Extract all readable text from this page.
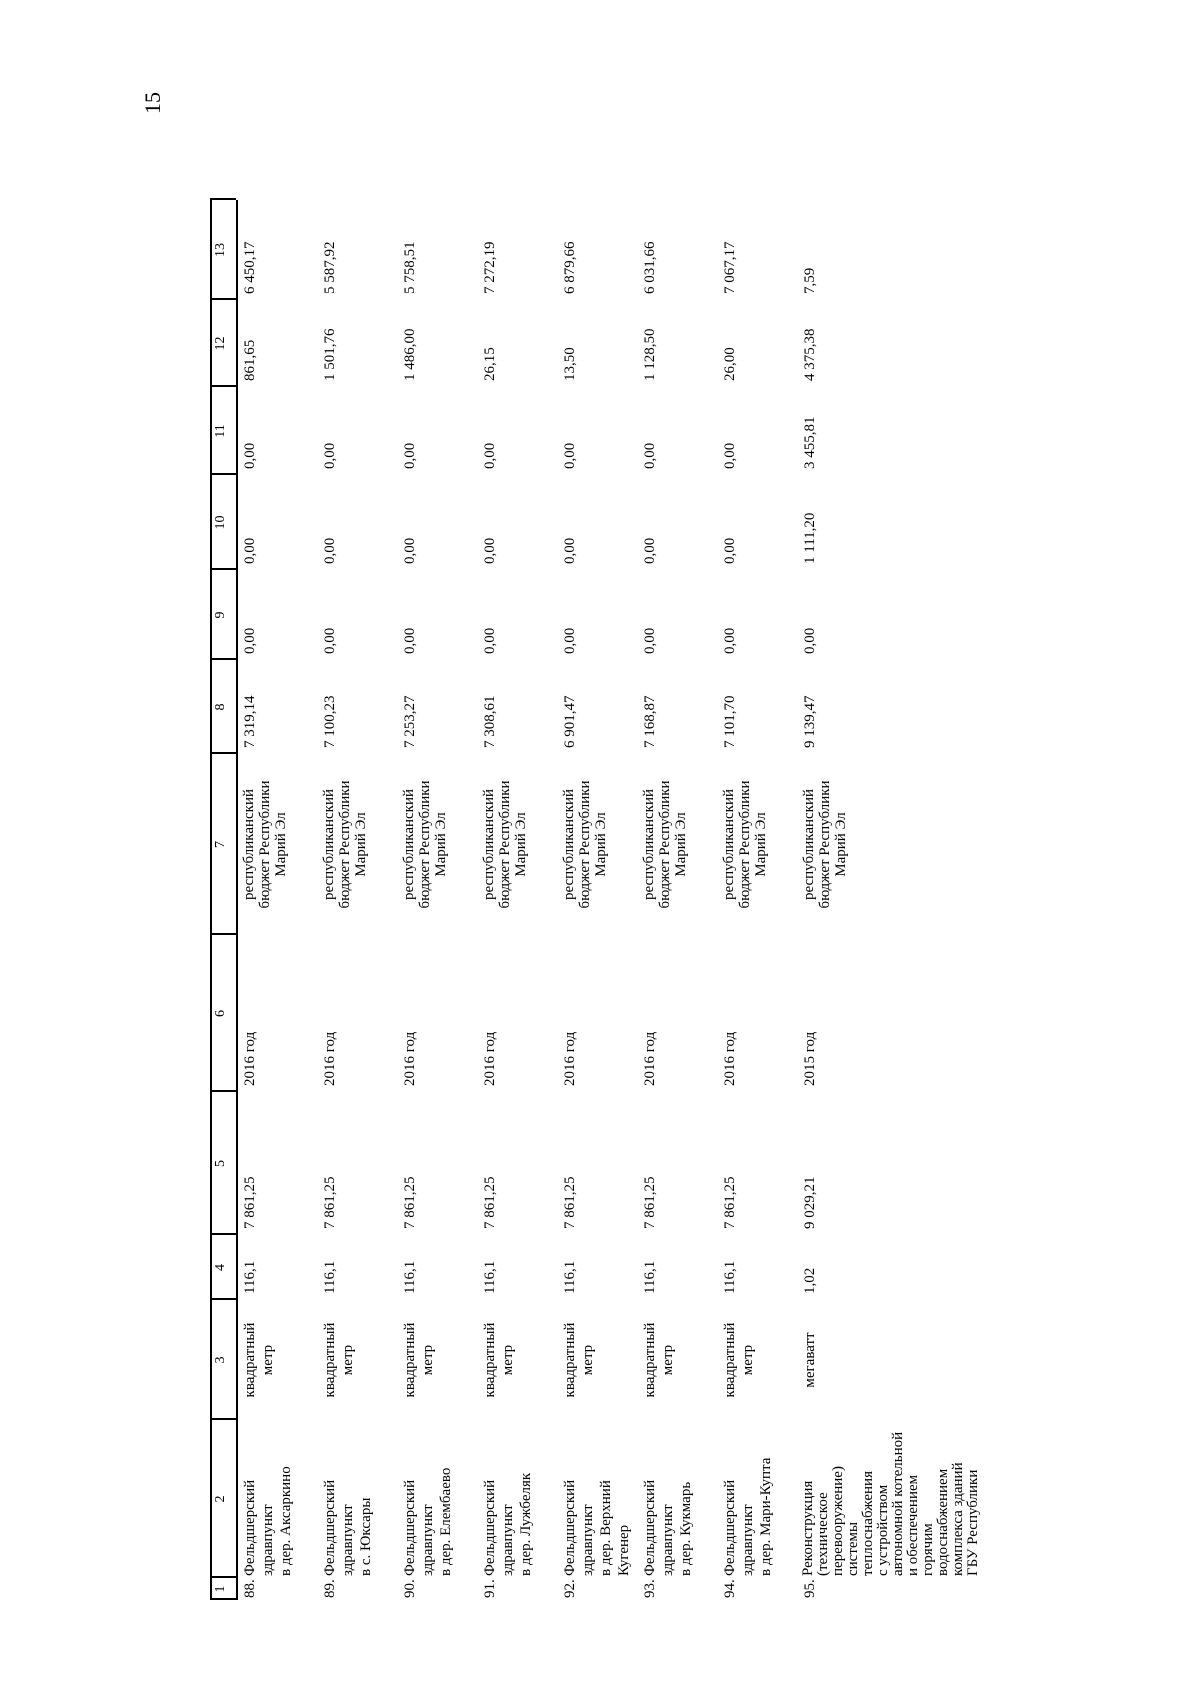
15
1
2
3
4
5
6
7
8
9
10
11
12
13
88.
Фельдшерский здравпункт в дер. Аксаркино
квадратный метр
116,1
7 861,25
2016 год
7 319,14
0,00
0,00
0,00
861,65
6 450,17
республиканский бюджет Республики Марий Эл
89.
Фельдшерский здравпункт в с. Юксары
квадратный метр
116,1
7 861,25
2016 год
7 100,23
0,00
0,00
0,00
1 501,76
5 587,92
республиканский бюджет Республики Марий Эл
90.
Фельдшерский здравпункт в дер. Елембаево
квадратный метр
116,1
7 861,25
2016 год
7 253,27
0,00
0,00
0,00
1 486,00
5 758,51
республиканский бюджет Республики Марий Эл
91.
Фельдшерский здравпункт в дер. Лужбеляк
квадратный метр
116,1
7 861,25
2016 год
7 308,61
0,00
0,00
0,00
26,15
7 272,19
республиканский бюджет Республики Марий Эл
92.
Фельдшерский здравпункт в дер. Верхний Кугенер
квадратный метр
116,1
7 861,25
2016 год
6 901,47
0,00
0,00
0,00
13,50
6 879,66
республиканский бюджет Республики Марий Эл
93.
Фельдшерский здравпункт в дер. Кукмарь
квадратный метр
116,1
7 861,25
2016 год
7 168,87
0,00
0,00
0,00
1 128,50
6 031,66
республиканский бюджет Республики Марий Эл
94.
Фельдшерский здравпункт в дер. Мари-Купта
квадратный метр
116,1
7 861,25
2016 год
7 101,70
0,00
0,00
0,00
26,00
7 067,17
республиканский бюджет Республики Марий Эл
95.
Реконструкция (техническое перевооружение) системы теплоснабжения с устройством автономной котельной и обеспечением горячим водоснабжением комплекса зданий ГБУ Республики
мегаватт
1,02
9 029,21
2015 год
9 139,47
0,00
1 111,20
3 455,81
4 375,38
7,59
республиканский бюджет Республики Марий Эл
